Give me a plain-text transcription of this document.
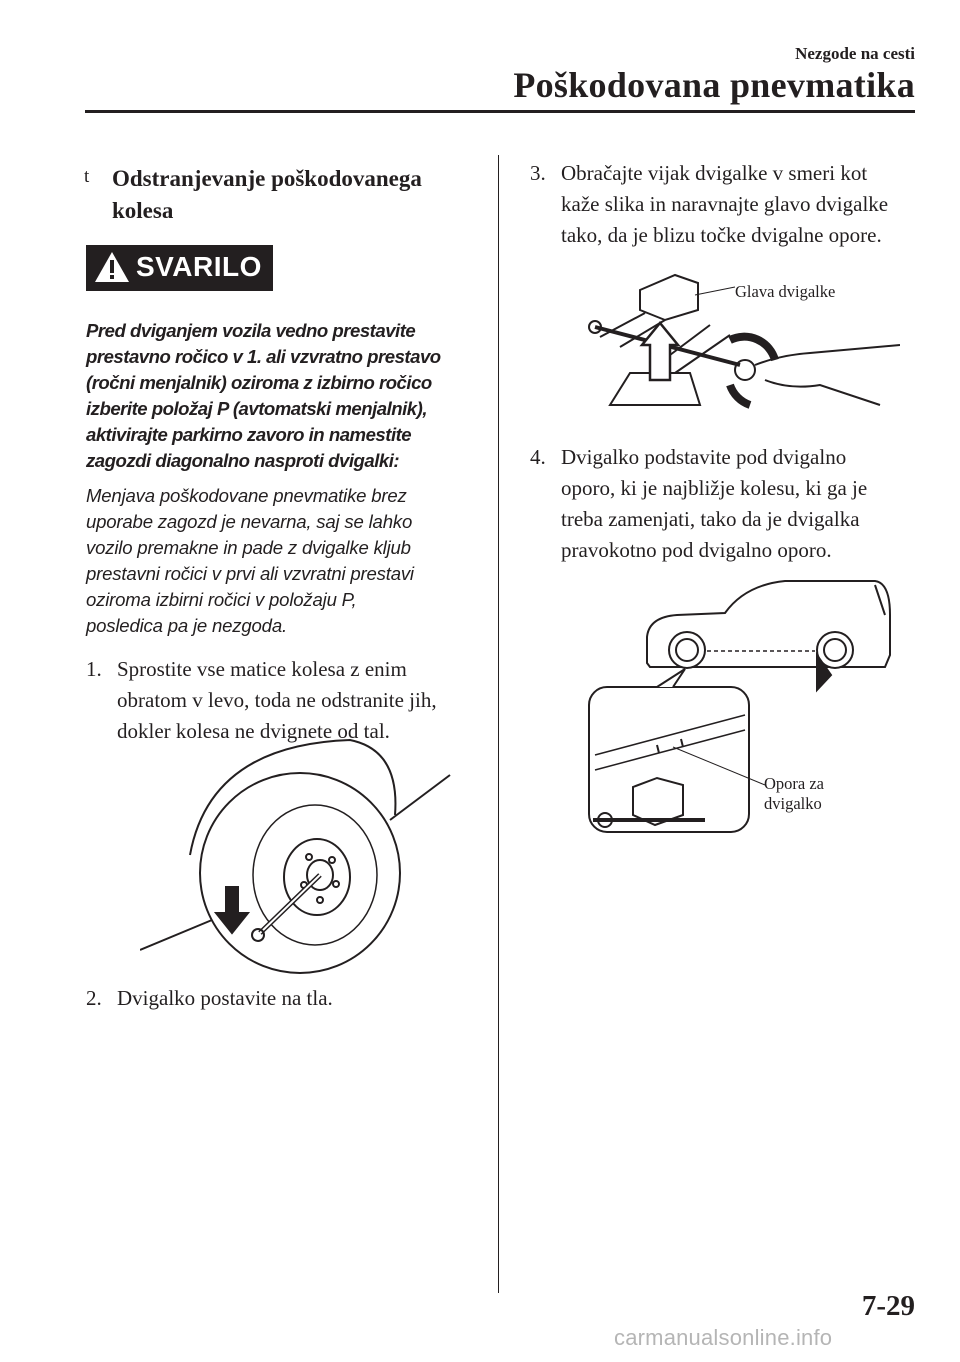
Nezgode na cesti
Poškodovana pnevmatika
t Odstranjevanje poškodovanega kolesa
SVARILO
Pred dviganjem vozila vedno prestavite
prestavno ročico v 1. ali vzvratno prestavo
(ročni menjalnik) oziroma z izbirno ročico
izberite položaj P (avtomatski menjalnik),
aktivirajte parkirno zavoro in namestite
zagozdi diagonalno nasproti dvigalki:
Menjava poškodovane pnevmatike brez
uporabe zagozd je nevarna, saj se lahko
vozilo premakne in pade z dvigalke kljub
prestavni ročici v prvi ali vzvratni prestavi
oziroma izbirni ročici v položaju P,
posledica pa je nezgoda.
1. Sprostite vse matice kolesa z enim
obratom v levo, toda ne odstranite jih,
dokler kolesa ne dvignete od tal.
2. Dvigalko postavite na tla.
3. Obračajte vijak dvigalke v smeri kot
kaže slika in naravnajte glavo dvigalke
tako, da je blizu točke dvigalne opore.
Glava dvigalke
4. Dvigalko podstavite pod dvigalno
oporo, ki je najbližje kolesu, ki ga je
treba zamenjati, tako da je dvigalka
pravokotno pod dvigalno oporo.
Opora za
dvigalko
7-29
carmanualsonline.info
